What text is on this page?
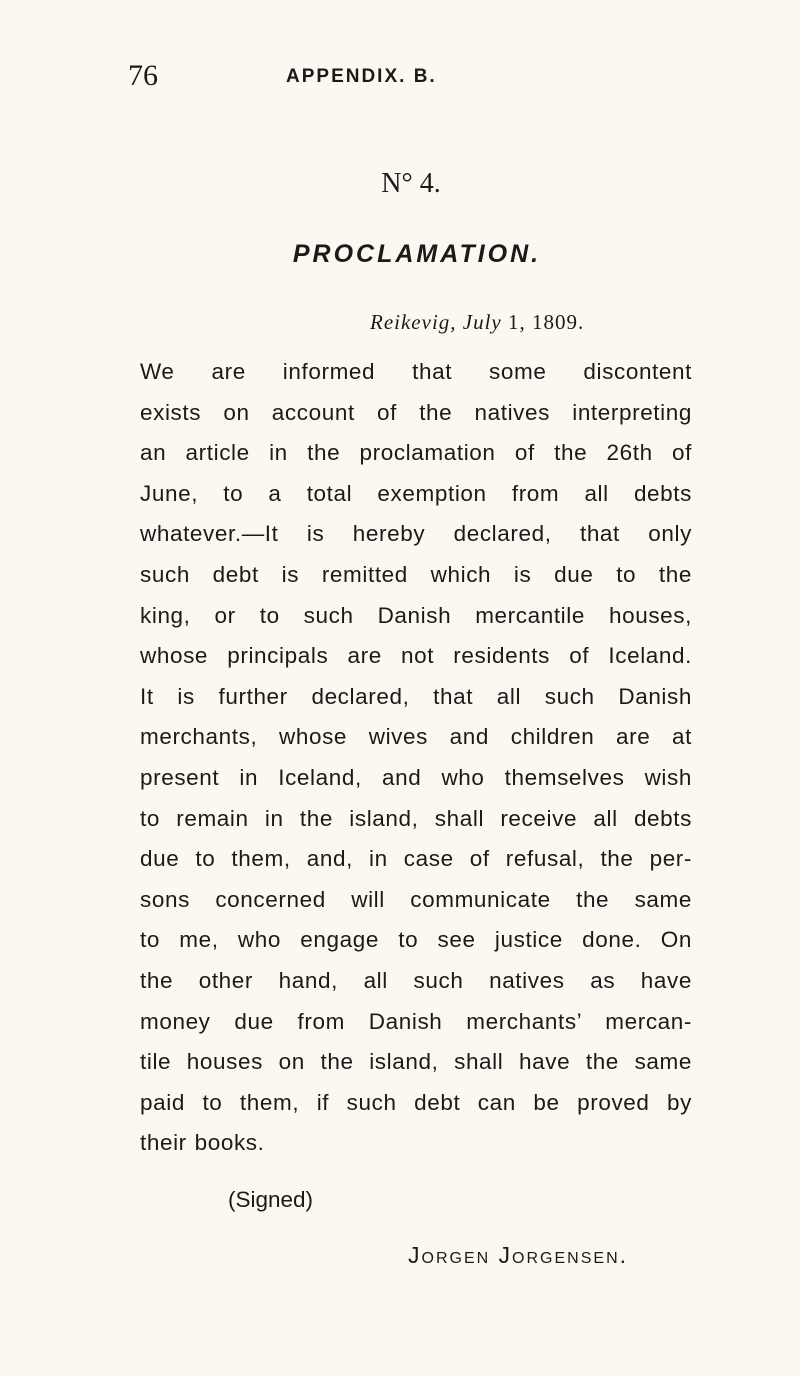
76	APPENDIX. B.
N° 4.
PROCLAMATION.
Reikevig, July 1, 1809.
We are informed that some discontent
exists on account of the natives interpreting
an article in the proclamation of the 26th of
June, to a total exemption from all debts
whatever.—It is hereby declared, that only
such debt is remitted which is due to the
king, or to such Danish mercantile houses,
whose principals are not residents of Iceland.
It is further declared, that all such Danish
merchants, whose wives and children are at
present in Iceland, and who themselves wish
to remain in the island, shall receive all debts
due to them, and, in case of refusal, the per-
sons concerned will communicate the same
to me, who engage to see justice done. On
the other hand, all such natives as have
money due from Danish merchants’ mercan-
tile houses on the island, shall have the same
paid to them, if such debt can be proved by
their books.
(Signed)
Jorgen Jorgensen.
